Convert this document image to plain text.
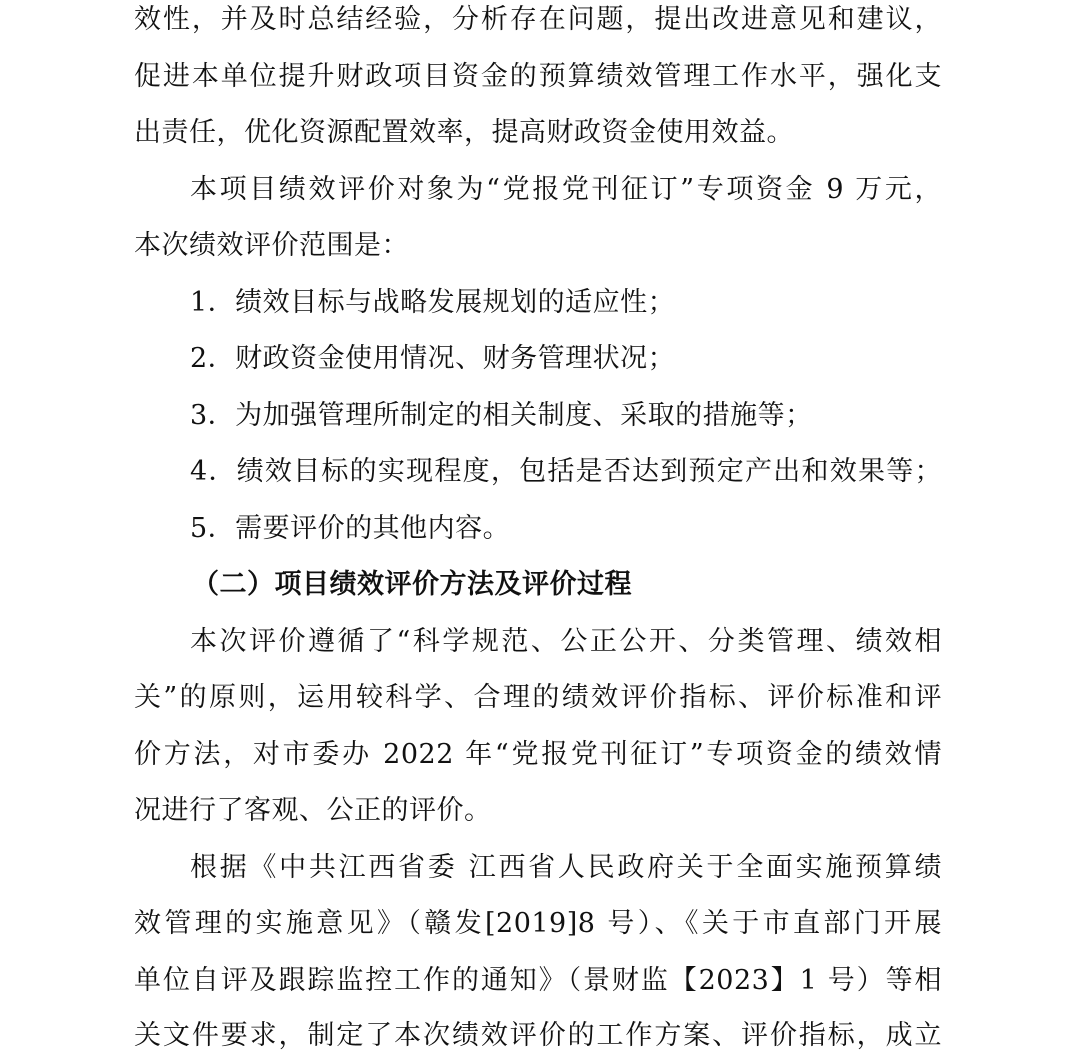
效性，并及时总结经验，分析存在问题，提出改进意见和建议，
促进本单位提升财政项目资金的预算绩效管理工作水平，强化支
出责任，优化资源配置效率，提高财政资金使用效益。
本项目绩效评价对象为“党报党刊征订”专项资金 9 万元，
本次绩效评价范围是：
1．绩效目标与战略发展规划的适应性；
2．财政资金使用情况、财务管理状况；
3．为加强管理所制定的相关制度、采取的措施等；
4．绩效目标的实现程度，包括是否达到预定产出和效果等；
5．需要评价的其他内容。
（二）项目绩效评价方法及评价过程
本次评价遵循了“科学规范、公正公开、分类管理、绩效相
关”的原则，运用较科学、合理的绩效评价指标、评价标准和评
价方法，对市委办 2022 年“党报党刊征订”专项资金的绩效情
况进行了客观、公正的评价。
根据《中共江西省委 江西省人民政府关于全面实施预算绩
效管理的实施意见》（赣发[2019]8 号）、《关于市直部门开展
单位自评及跟踪监控工作的通知》（景财监【2023】1 号）等相
关文件要求，制定了本次绩效评价的工作方案、评价指标，成立
